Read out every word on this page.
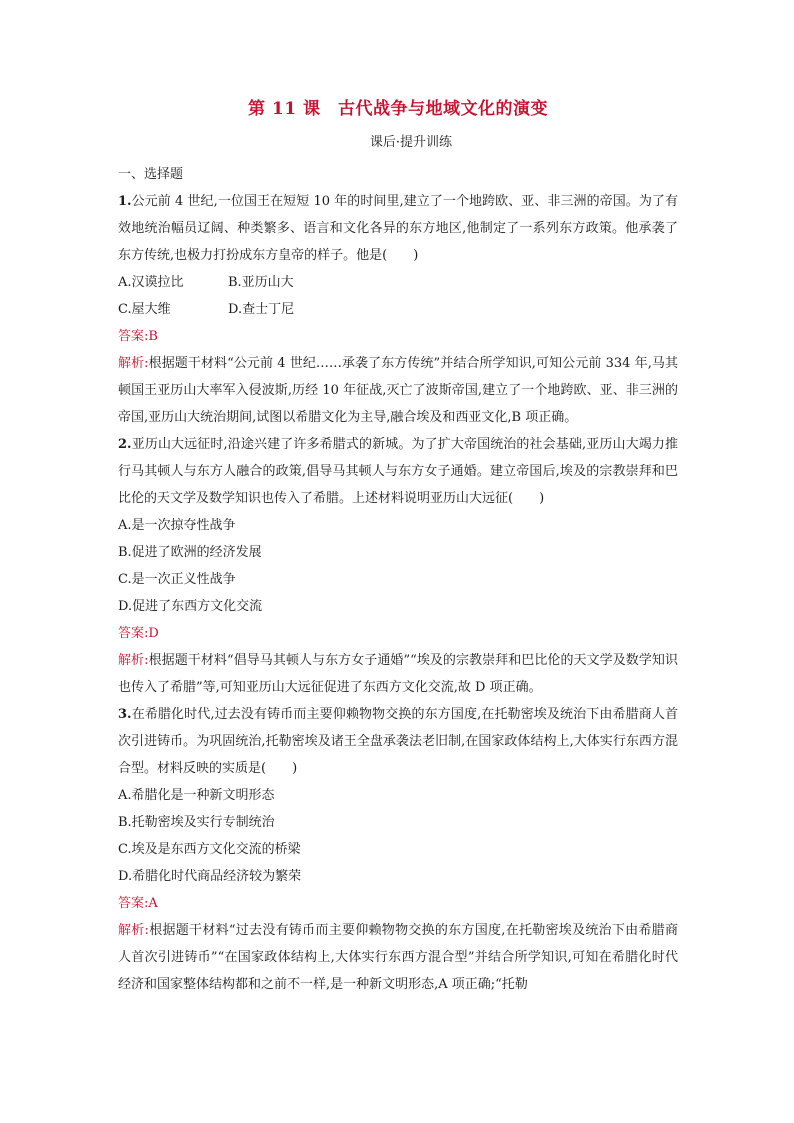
第 11 课　古代战争与地域文化的演变
课后·提升训练
一、选择题

1.公元前 4 世纪,一位国王在短短 10 年的时间里,建立了一个地跨欧、亚、非三洲的帝国。为了有效地统治幅员辽阔、种类繁多、语言和文化各异的东方地区,他制定了一系列东方政策。他承袭了东方传统,也极力打扮成东方皇帝的样子。他是(　　)

A.汉谟拉比	B.亚历山大

C.屋大维	D.查士丁尼

答案:B

解析:根据题干材料“公元前 4 世纪……承袭了东方传统”并结合所学知识,可知公元前 334 年,马其顿国王亚历山大率军入侵波斯,历经 10 年征战,灭亡了波斯帝国,建立了一个地跨欧、亚、非三洲的帝国,亚历山大统治期间,试图以希腊文化为主导,融合埃及和西亚文化,B 项正确。

2.亚历山大远征时,沿途兴建了许多希腊式的新城。为了扩大帝国统治的社会基础,亚历山大竭力推行马其顿人与东方人融合的政策,倡导马其顿人与东方女子通婚。建立帝国后,埃及的宗教崇拜和巴比伦的天文学及数学知识也传入了希腊。上述材料说明亚历山大远征(　　)

A.是一次掠夺性战争

B.促进了欧洲的经济发展

C.是一次正义性战争

D.促进了东西方文化交流

答案:D

解析:根据题干材料“倡导马其顿人与东方女子通婚”“埃及的宗教崇拜和巴比伦的天文学及数学知识也传入了希腊”等,可知亚历山大远征促进了东西方文化交流,故 D 项正确。

3.在希腊化时代,过去没有铸币而主要仰赖物物交换的东方国度,在托勒密埃及统治下由希腊商人首次引进铸币。为巩固统治,托勒密埃及诸王全盘承袭法老旧制,在国家政体结构上,大体实行东西方混合型。材料反映的实质是(　　)

A.希腊化是一种新文明形态

B.托勒密埃及实行专制统治

C.埃及是东西方文化交流的桥梁

D.希腊化时代商品经济较为繁荣

答案:A

解析:根据题干材料“过去没有铸币而主要仰赖物物交换的东方国度,在托勒密埃及统治下由希腊商人首次引进铸币”“在国家政体结构上,大体实行东西方混合型”并结合所学知识,可知在希腊化时代经济和国家整体结构都和之前不一样,是一种新文明形态,A 项正确;“托勒
